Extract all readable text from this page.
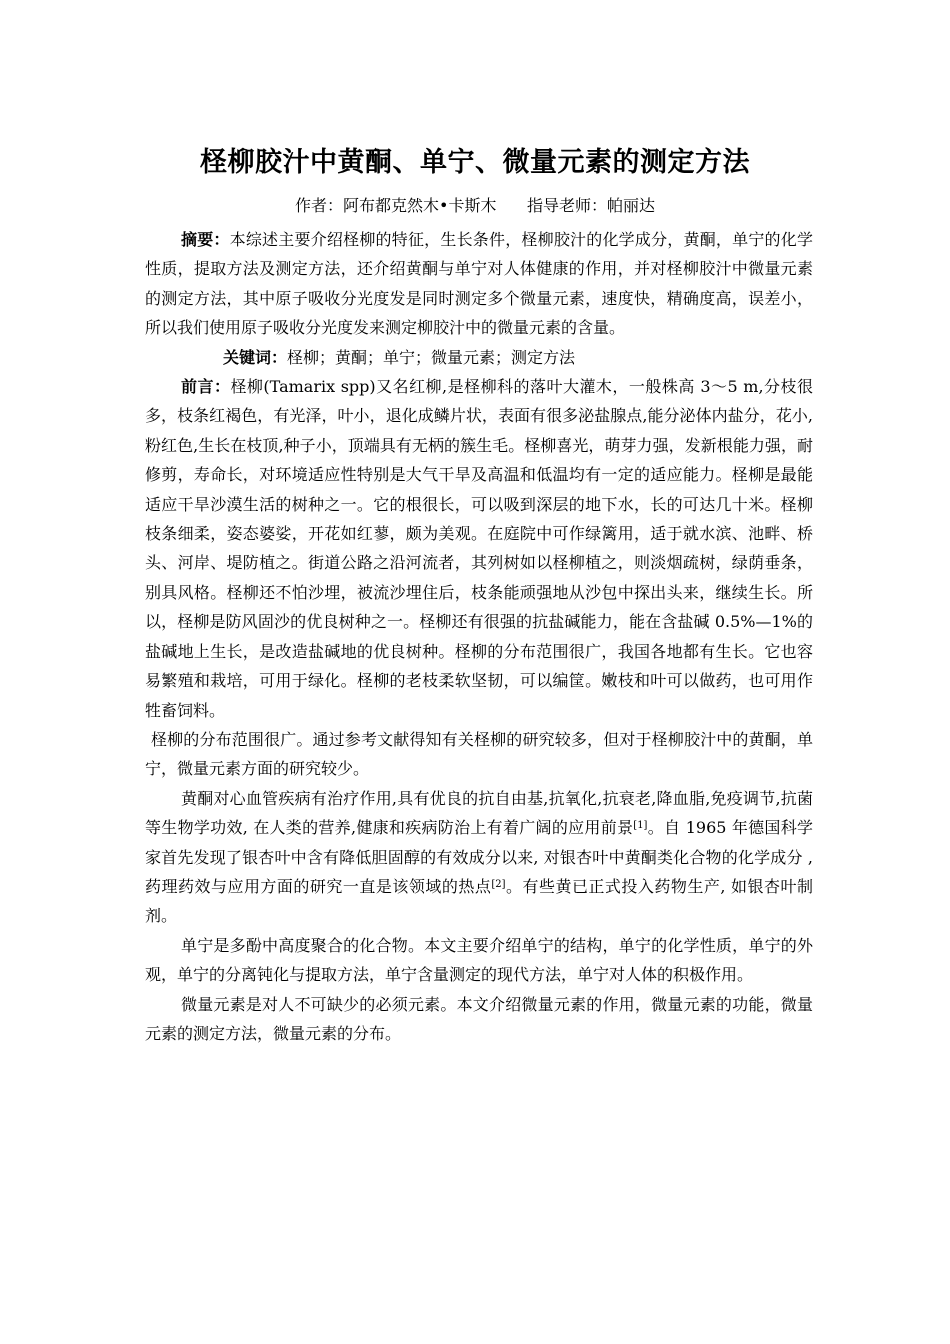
柽柳胶汁中黄酮、单宁、微量元素的测定方法
作者：阿布都克然木•卡斯木      指导老师：帕丽达

摘要：本综述主要介绍柽柳的特征，生长条件，柽柳胶汁的化学成分，黄酮，单宁的化学性质，提取方法及测定方法，还介绍黄酮与单宁对人体健康的作用，并对柽柳胶汁中微量元素的测定方法，其中原子吸收分光度发是同时测定多个微量元素，速度快，精确度高，误差小，所以我们使用原子吸收分光度发来测定柳胶汁中的微量元素的含量。

关键词：柽柳；黄酮；单宁；微量元素；测定方法

前言：柽柳(Tamarix spp)又名红柳,是柽柳科的落叶大灌木，一般株高 3～5 m,分枝很多，枝条红褐色，有光泽，叶小，退化成鳞片状，表面有很多泌盐腺点,能分泌体内盐分，花小,粉红色,生长在枝顶,种子小，顶端具有无柄的簇生毛。柽柳喜光，萌芽力强，发新根能力强，耐修剪，寿命长，对环境适应性特别是大气干旱及高温和低温均有一定的适应能力。柽柳是最能适应干旱沙漠生活的树种之一。它的根很长，可以吸到深层的地下水，长的可达几十米。柽柳枝条细柔，姿态婆娑，开花如红蓼，颇为美观。在庭院中可作绿篱用，适于就水滨、池畔、桥头、河岸、堤防植之。街道公路之沿河流者，其列树如以柽柳植之，则淡烟疏树，绿荫垂条，别具风格。柽柳还不怕沙埋，被流沙埋住后，枝条能顽强地从沙包中探出头来，继续生长。所以，柽柳是防风固沙的优良树种之一。柽柳还有很强的抗盐碱能力，能在含盐碱 0.5%—1%的盐碱地上生长，是改造盐碱地的优良树种。柽柳的分布范围很广，我国各地都有生长。它也容易繁殖和栽培，可用于绿化。柽柳的老枝柔软坚韧，可以编筐。嫩枝和叶可以做药，也可用作牲畜饲料。

柽柳的分布范围很广。通过参考文献得知有关柽柳的研究较多，但对于柽柳胶汁中的黄酮，单宁，微量元素方面的研究较少。

黄酮对心血管疾病有治疗作用,具有优良的抗自由基,抗氧化,抗衰老,降血脂,免疫调节,抗菌等生物学功效, 在人类的营养,健康和疾病防治上有着广阔的应用前景[1]。自 1965 年德国科学家首先发现了银杏叶中含有降低胆固醇的有效成分以来, 对银杏叶中黄酮类化合物的化学成分 ,药理药效与应用方面的研究一直是该领域的热点[2]。有些黄已正式投入药物生产, 如银杏叶制剂。

单宁是多酚中高度聚合的化合物。本文主要介绍单宁的结构，单宁的化学性质，单宁的外观，单宁的分离钝化与提取方法，单宁含量测定的现代方法，单宁对人体的积极作用。

微量元素是对人不可缺少的必须元素。本文介绍微量元素的作用，微量元素的功能，微量元素的测定方法，微量元素的分布。
